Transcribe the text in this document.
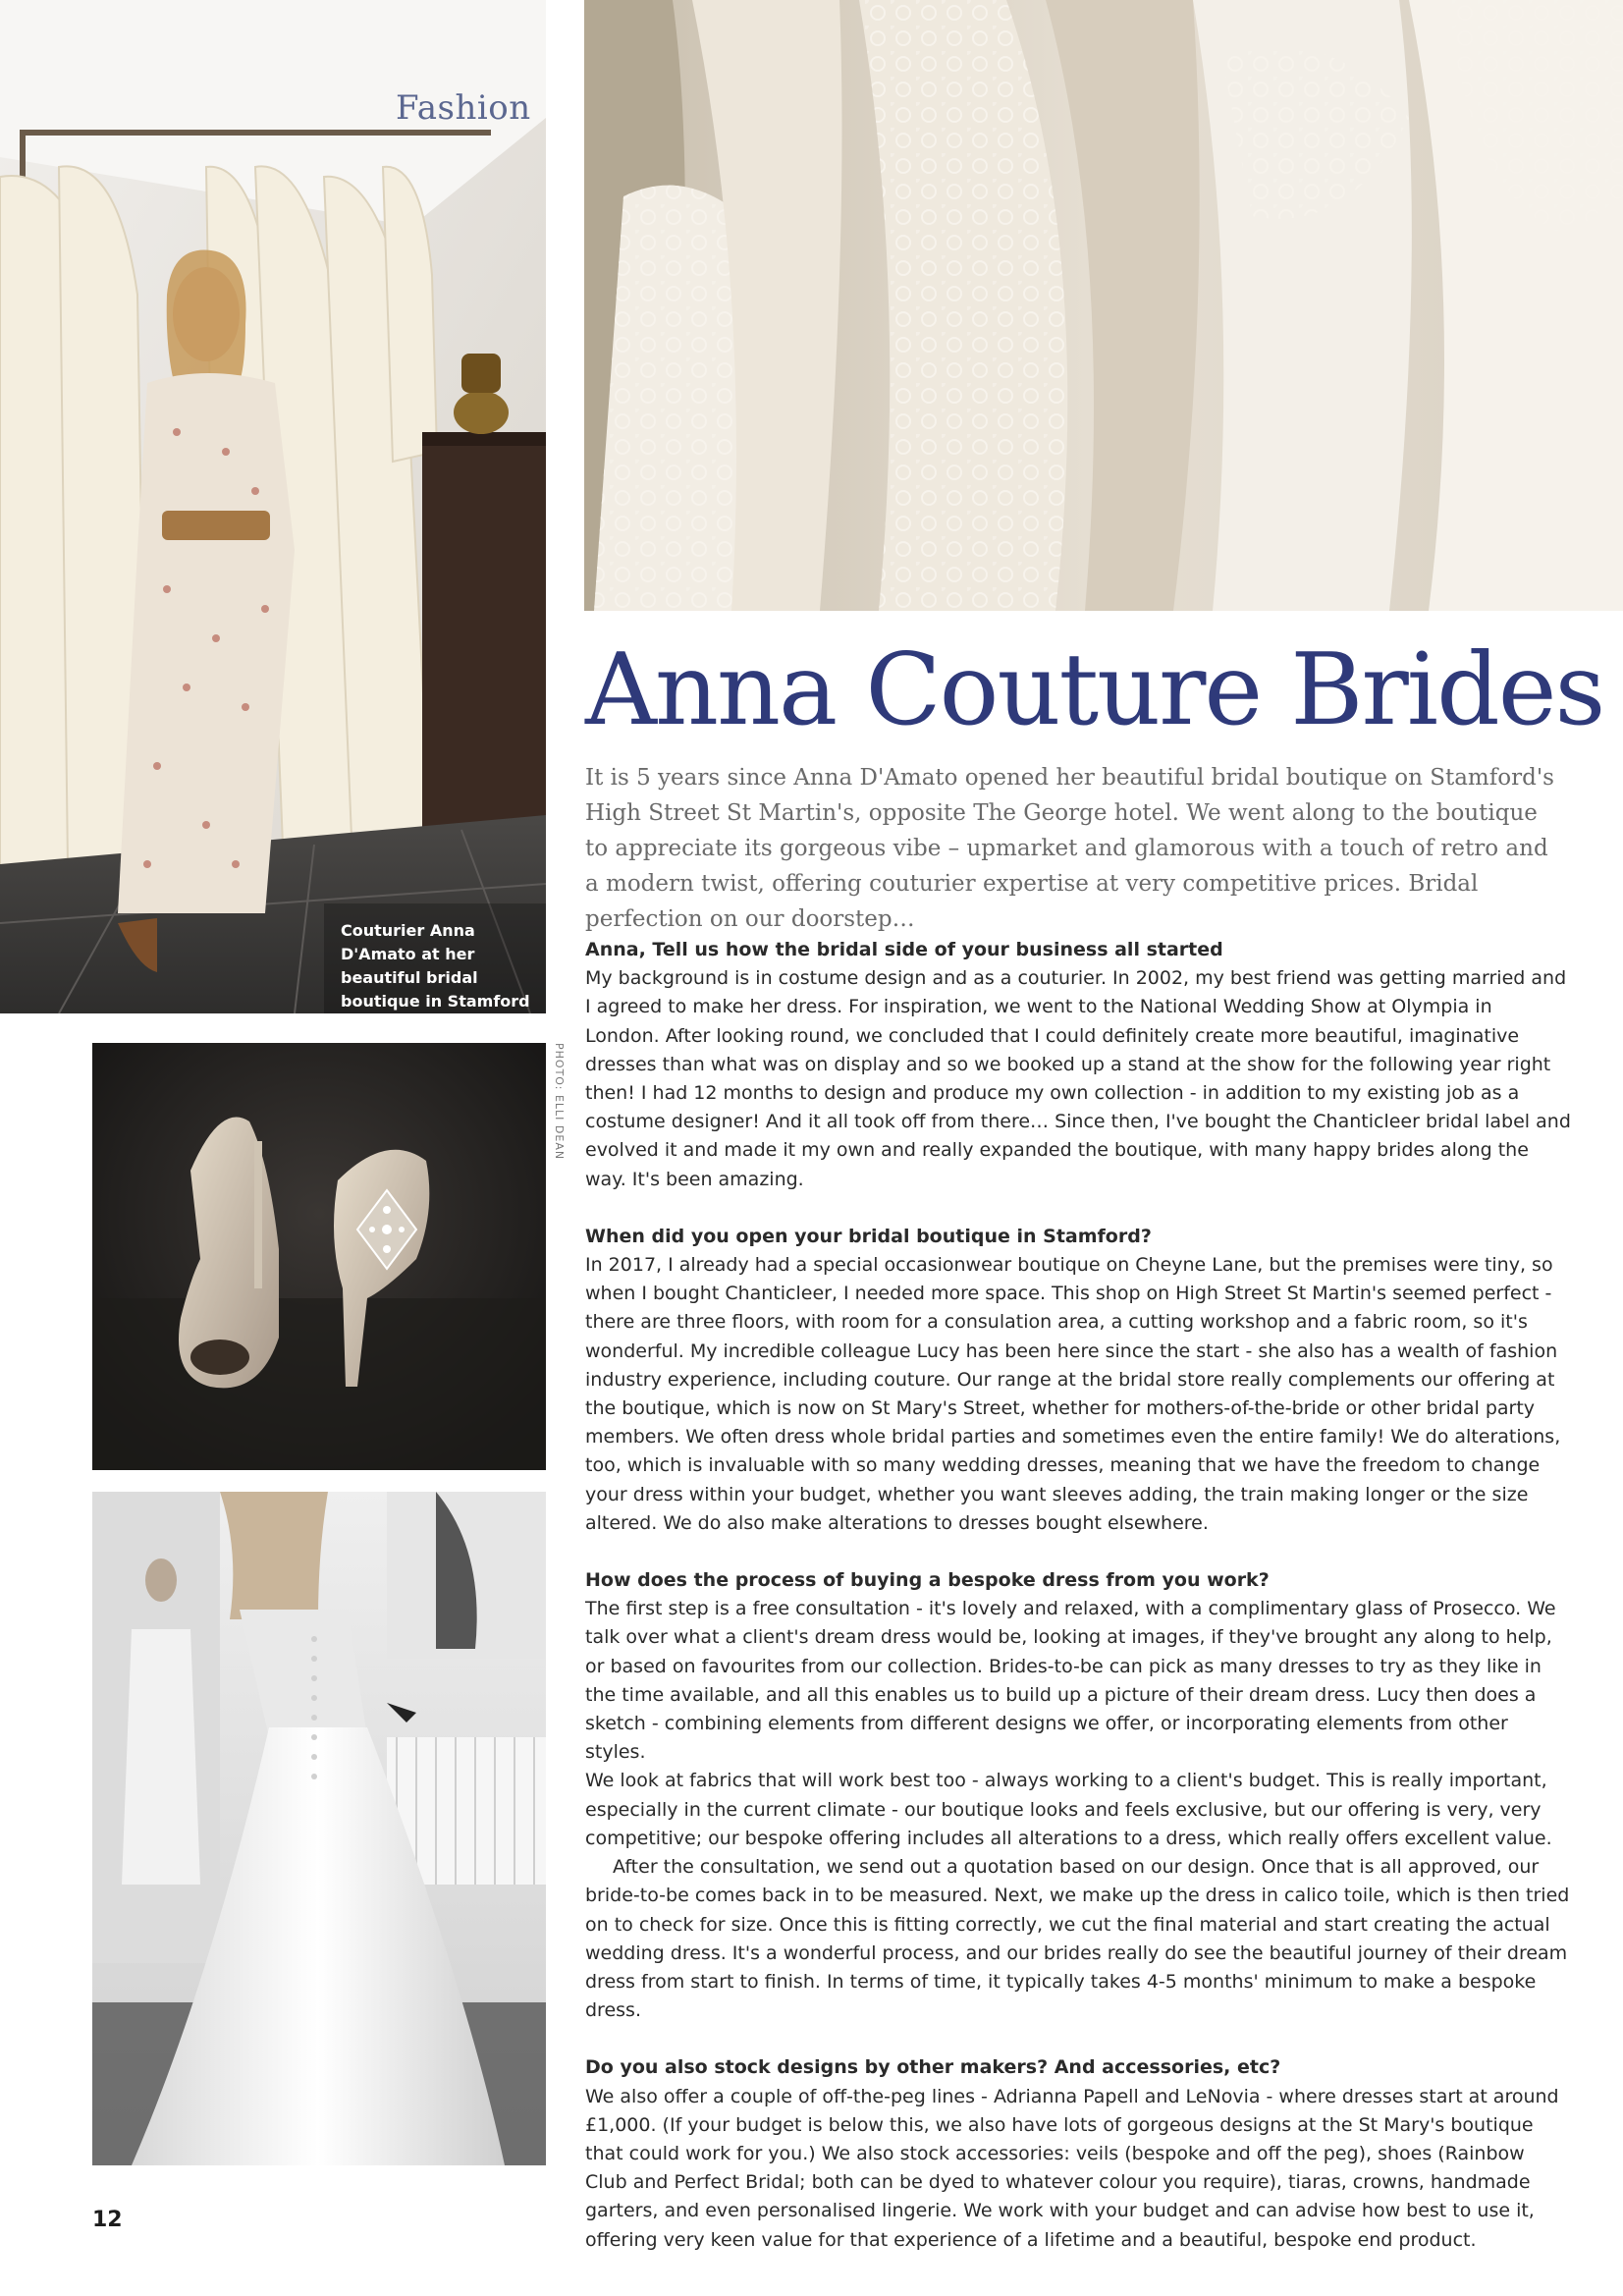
Fashion
Couturier Anna D'Amato at her beautiful bridal boutique in Stamford
PHOTO: ELLI DEAN
Anna Couture Brides

It is 5 years since Anna D'Amato opened her beautiful bridal boutique on Stamford's High Street St Martin's, opposite The George hotel. We went along to the boutique to appreciate its gorgeous vibe – upmarket and glamorous with a touch of retro and a modern twist, offering couturier expertise at very competitive prices. Bridal perfection on our doorstep…

Anna, Tell us how the bridal side of your business all started

My background is in costume design and as a couturier. In 2002, my best friend was getting married and I agreed to make her dress. For inspiration, we went to the National Wedding Show at Olympia in London. After looking round, we concluded that I could definitely create more beautiful, imaginative dresses than what was on display and so we booked up a stand at the show for the following year right then! I had 12 months to design and produce my own collection - in addition to my existing job as a costume designer! And it all took off from there… Since then, I've bought the Chanticleer bridal label and evolved it and made it my own and really expanded the boutique, with many happy brides along the way. It's been amazing.

When did you open your bridal boutique in Stamford?

In 2017, I already had a special occasionwear boutique on Cheyne Lane, but the premises were tiny, so when I bought Chanticleer, I needed more space. This shop on High Street St Martin's seemed perfect - there are three floors, with room for a consulation area, a cutting workshop and a fabric room, so it's wonderful. My incredible colleague Lucy has been here since the start - she also has a wealth of fashion industry experience, including couture. Our range at the bridal store really complements our offering at the boutique, which is now on St Mary's Street, whether for mothers-of-the-bride or other bridal party members. We often dress whole bridal parties and sometimes even the entire family! We do alterations, too, which is invaluable with so many wedding dresses, meaning that we have the freedom to change your dress within your budget, whether you want sleeves adding, the train making longer or the size altered. We do also make alterations to dresses bought elsewhere.

How does the process of buying a bespoke dress from you work?

The first step is a free consultation - it's lovely and relaxed, with a complimentary glass of Prosecco. We talk over what a client's dream dress would be, looking at images, if they've brought any along to help, or based on favourites from our collection. Brides-to-be can pick as many dresses to try as they like in the time available, and all this enables us to build up a picture of their dream dress. Lucy then does a sketch - combining elements from different designs we offer, or incorporating elements from other styles.

We look at fabrics that will work best too - always working to a client's budget. This is really important, especially in the current climate - our boutique looks and feels exclusive, but our offering is very, very competitive; our bespoke offering includes all alterations to a dress, which really offers excellent value.

After the consultation, we send out a quotation based on our design. Once that is all approved, our bride-to-be comes back in to be measured. Next, we make up the dress in calico toile, which is then tried on to check for size. Once this is fitting correctly, we cut the final material and start creating the actual wedding dress. It's a wonderful process, and our brides really do see the beautiful journey of their dream dress from start to finish. In terms of time, it typically takes 4-5 months' minimum to make a bespoke dress.

Do you also stock designs by other makers? And accessories, etc?

We also offer a couple of off-the-peg lines - Adrianna Papell and LeNovia - where dresses start at around £1,000. (If your budget is below this, we also have lots of gorgeous designs at the St Mary's boutique that could work for you.) We also stock accessories: veils (bespoke and off the peg), shoes (Rainbow Club and Perfect Bridal; both can be dyed to whatever colour you require), tiaras, crowns, handmade garters, and even personalised lingerie. We work with your budget and can advise how best to use it, offering very keen value for that experience of a lifetime and a beautiful, bespoke end product.

12
